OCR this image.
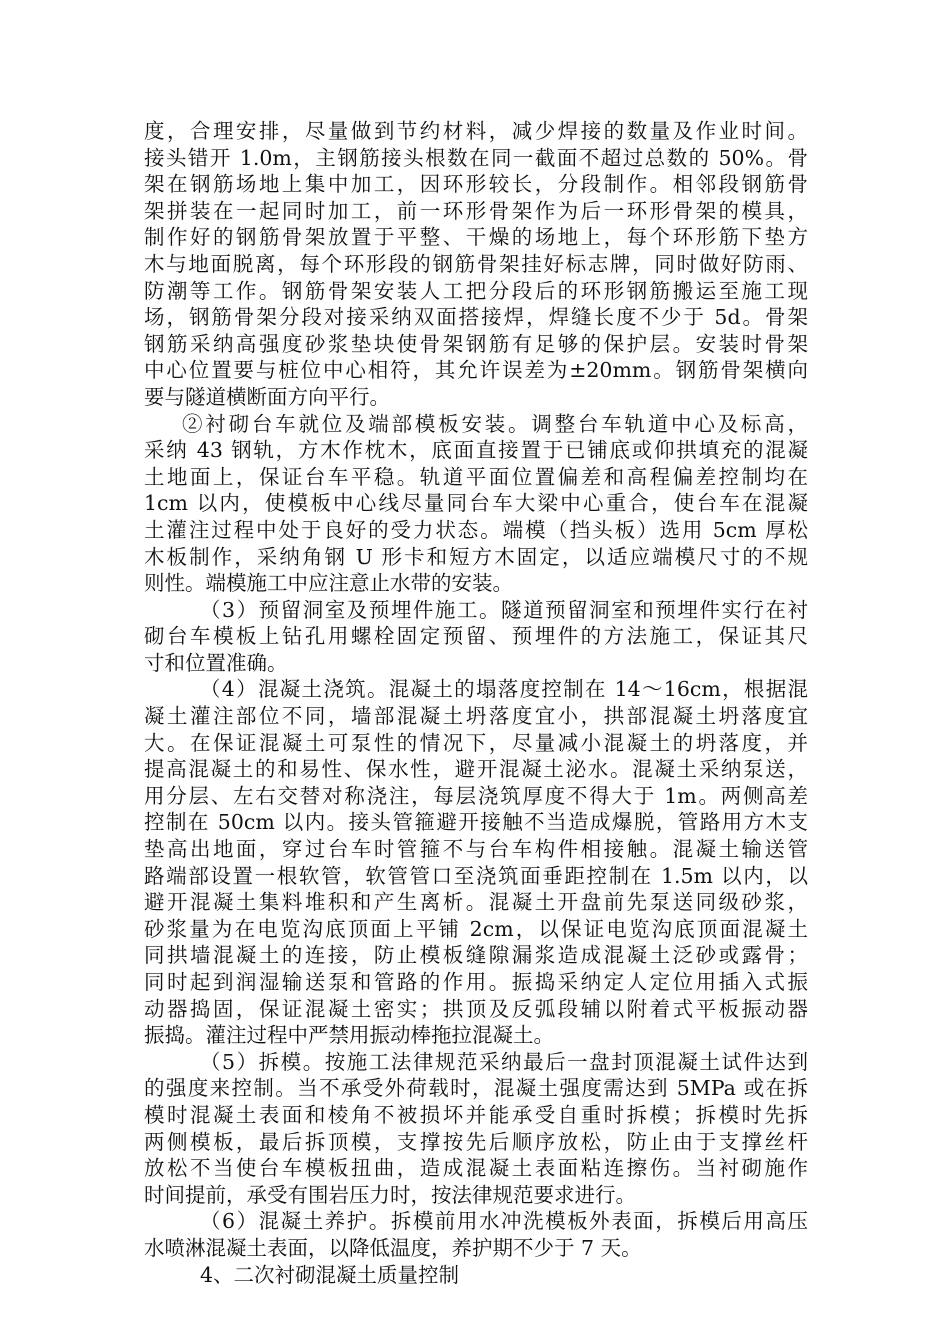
度，合理安排，尽量做到节约材料，减少焊接的数量及作业时间。
接头错开 1.0m，主钢筋接头根数在同一截面不超过总数的 50%。骨
架在钢筋场地上集中加工，因环形较长，分段制作。相邻段钢筋骨
架拼装在一起同时加工，前一环形骨架作为后一环形骨架的模具，
制作好的钢筋骨架放置于平整、干燥的场地上，每个环形筋下垫方
木与地面脱离，每个环形段的钢筋骨架挂好标志牌，同时做好防雨、
防潮等工作。钢筋骨架安装人工把分段后的环形钢筋搬运至施工现
场，钢筋骨架分段对接采纳双面搭接焊，焊缝长度不少于 5d。骨架
钢筋采纳高强度砂浆垫块使骨架钢筋有足够的保护层。安装时骨架
中心位置要与桩位中心相符，其允许误差为±20mm。钢筋骨架横向
要与隧道横断面方向平行。
②衬砌台车就位及端部模板安装。调整台车轨道中心及标高，
采纳 43 钢轨，方木作枕木，底面直接置于已铺底或仰拱填充的混凝
土地面上，保证台车平稳。轨道平面位置偏差和高程偏差控制均在
1cm 以内，使模板中心线尽量同台车大梁中心重合，使台车在混凝
土灌注过程中处于良好的受力状态。端模（挡头板）选用 5cm 厚松
木板制作，采纳角钢 U 形卡和短方木固定，以适应端模尺寸的不规
则性。端模施工中应注意止水带的安装。
（3）预留洞室及预埋件施工。隧道预留洞室和预埋件实行在衬
砌台车模板上钻孔用螺栓固定预留、预埋件的方法施工，保证其尺
寸和位置准确。
（4）混凝土浇筑。混凝土的塌落度控制在 14～16cm，根据混
凝土灌注部位不同，墙部混凝土坍落度宜小，拱部混凝土坍落度宜
大。在保证混凝土可泵性的情况下，尽量减小混凝土的坍落度，并
提高混凝土的和易性、保水性，避开混凝土泌水。混凝土采纳泵送，
用分层、左右交替对称浇注，每层浇筑厚度不得大于 1m。两侧高差
控制在 50cm 以内。接头管箍避开接触不当造成爆脱，管路用方木支
垫高出地面，穿过台车时管箍不与台车构件相接触。混凝土输送管
路端部设置一根软管，软管管口至浇筑面垂距控制在 1.5m 以内，以
避开混凝土集料堆积和产生离析。混凝土开盘前先泵送同级砂浆，
砂浆量为在电览沟底顶面上平铺 2cm，以保证电览沟底顶面混凝土
同拱墙混凝土的连接，防止模板缝隙漏浆造成混凝土泛砂或露骨；
同时起到润湿输送泵和管路的作用。振捣采纳定人定位用插入式振
动器捣固，保证混凝土密实；拱顶及反弧段辅以附着式平板振动器
振捣。灌注过程中严禁用振动棒拖拉混凝土。
（5）拆模。按施工法律规范采纳最后一盘封顶混凝土试件达到
的强度来控制。当不承受外荷载时，混凝土强度需达到 5MPa 或在拆
模时混凝土表面和棱角不被损坏并能承受自重时拆模；拆模时先拆
两侧模板，最后拆顶模，支撑按先后顺序放松，防止由于支撑丝杆
放松不当使台车模板扭曲，造成混凝土表面粘连擦伤。当衬砌施作
时间提前，承受有围岩压力时，按法律规范要求进行。
（6）混凝土养护。拆模前用水冲洗模板外表面，拆模后用高压
水喷淋混凝土表面，以降低温度，养护期不少于 7 天。
4、二次衬砌混凝土质量控制
